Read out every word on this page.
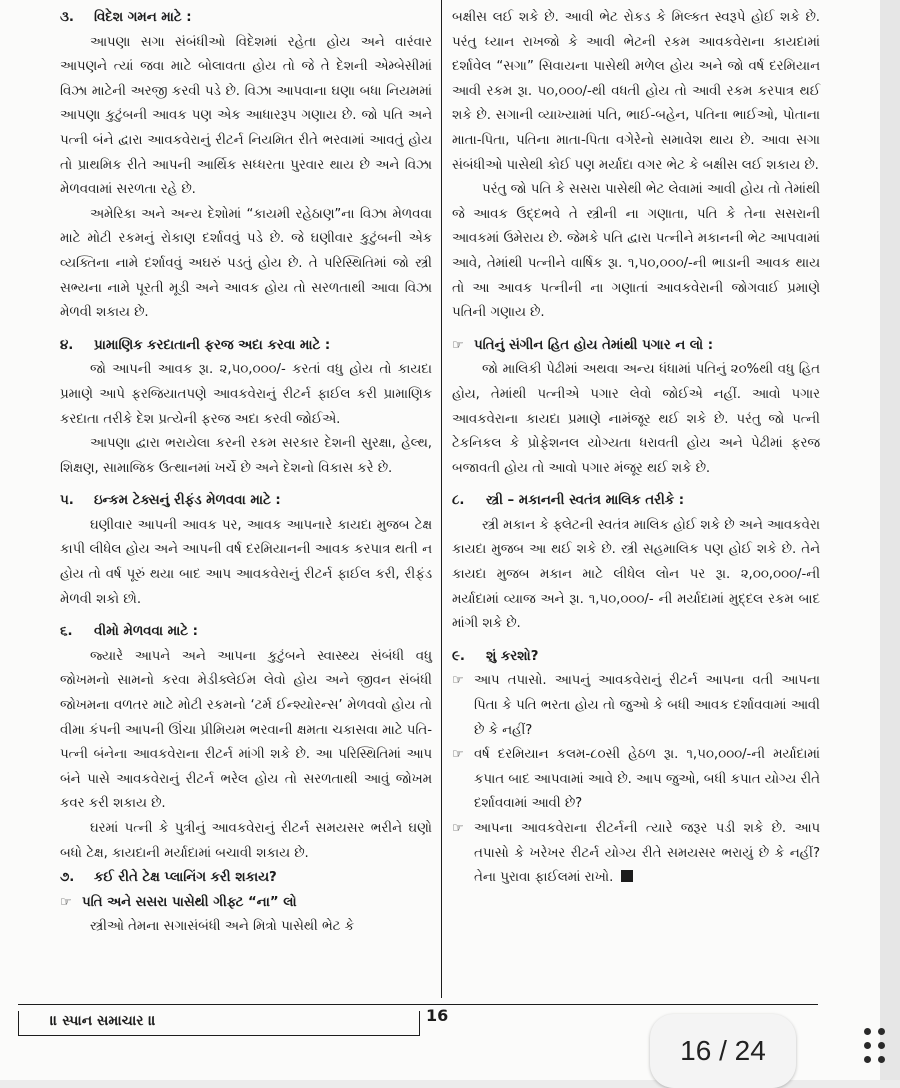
૩. વિદેશ ગમન માટે :

આપણા સગા સંબંધીઓ વિદેશમાં રહેતા હોય અને વારંવાર આપણને ત્યાં જવા માટે બોલાવતા હોય તો જે તે દેશની એમ્બેસીમાં વિઝા માટેની અરજી કરવી પડે છે. વિઝા આપવાના ઘણા બધા નિયમમાં આપણા કુટુંબની આવક પણ એક આધારરૂપ ગણાય છે. જો પતિ અને પત્ની બંને દ્વારા આવકવેરાનું રીટર્ન નિયમિત રીતે ભરવામાં આવતું હોય તો પ્રાથમિક રીતે આપની આર્થિક સધ્ધરતા પુરવાર થાય છે અને વિઝા મેળવવામાં સરળતા રહે છે.

અમેરિકા અને અન્ય દેશોમાં “કાયમી રહેઠાણ”ના વિઝા મેળવવા માટે મોટી રકમનું રોકાણ દર્શાવવું પડે છે. જે ઘણીવાર કુટુંબની એક વ્યક્તિના નામે દર્શાવવું અઘરું પડતું હોય છે. તે પરિસ્થિતિમાં જો સ્ત્રી સભ્યના નામે પૂરતી મૂડી અને આવક હોય તો સરળતાથી આવા વિઝા મેળવી શકાય છે.

૪. પ્રામાણિક કરદાતાની ફરજ અદા કરવા માટે :

જો આપની આવક રૂા. ૨,૫૦,૦૦૦/- કરતાં વધુ હોય તો કાયદા પ્રમાણે આપે ફરજિયાતપણે આવકવેરાનું રીટર્ન ફાઈલ કરી પ્રામાણિક કરદાતા તરીકે દેશ પ્રત્યેની ફરજ અદા કરવી જોઈએ.

આપણા દ્વારા ભરાયેલા કરની રકમ સરકાર દેશની સુરક્ષા, હેલ્થ, શિક્ષણ, સામાજિક ઉત્થાનમાં ખર્ચે છે અને દેશનો વિકાસ કરે છે.

૫. ઇન્કમ ટેક્સનું રીફંડ મેળવવા માટે :

ઘણીવાર આપની આવક પર, આવક આપનારે કાયદા મુજબ ટેક્ષ કાપી લીધેલ હોય અને આપની વર્ષ દરમિયાનની આવક કરપાત્ર થતી ન હોય તો વર્ષ પૂરું થયા બાદ આપ આવકવેરાનું રીટર્ન ફાઈલ કરી, રીફંડ મેળવી શકો છો.

૬. વીમો મેળવવા માટે :

જ્યારે આપને અને આપના કુટુંબને સ્વાસ્થ્ય સંબંધી વધુ જોખમનો સામનો કરવા મેડીક્લેઈમ લેવો હોય અને જીવન સંબંધી જોખમના વળતર માટે મોટી રકમનો ‘ટર્મ ઈન્શ્યોરન્સ’ મેળવવો હોય તો વીમા કંપની આપની ઊંચા પ્રીમિયમ ભરવાની ક્ષમતા ચકાસવા માટે પતિ-પત્ની બંનેના આવકવેરાના રીટર્ન માંગી શકે છે. આ પરિસ્થિતિમાં આપ બંને પાસે આવકવેરાનું રીટર્ન ભરેલ હોય તો સરળતાથી આવું જોખમ કવર કરી શકાય છે.

ઘરમાં પત્ની કે પુત્રીનું આવકવેરાનું રીટર્ન સમયસર ભરીને ઘણો બધો ટેક્ષ, કાયદાની મર્યાદામાં બચાવી શકાય છે.

૭. કઈ રીતે ટેક્ષ પ્લાનિંગ કરી શકાય?
☞ પતિ અને સસરા પાસેથી ગીફ્ટ “ના” લો

સ્ત્રીઓ તેમના સગાસંબંધી અને મિત્રો પાસેથી ભેટ કે

બક્ષીસ લઈ શકે છે. આવી ભેટ રોકડ કે મિલ્કત સ્વરૂપે હોઈ શકે છે. પરંતુ ધ્યાન રાખજો કે આવી ભેટની રકમ આવકવેરાના કાયદામાં દર્શાવેલ “સગા” સિવાયના પાસેથી મળેલ હોય અને જો વર્ષ દરમિયાન આવી રકમ રૂા. ૫૦,૦૦૦/-થી વધતી હોય તો આવી રકમ કરપાત્ર થઈ શકે છે. સગાની વ્યાખ્યામાં પતિ, ભાઈ-બહેન, પતિના ભાઈઓ, પોતાના માતા-પિતા, પતિના માતા-પિતા વગેરેનો સમાવેશ થાય છે. આવા સગા સંબંધીઓ પાસેથી કોઈ પણ મર્યાદા વગર ભેટ કે બક્ષીસ લઈ શકાય છે.

પરંતુ જો પતિ કે સસરા પાસેથી ભેટ લેવામાં આવી હોય તો તેમાંથી જે આવક ઉદ્દભવે તે સ્ત્રીની ના ગણાતા, પતિ કે તેના સસરાની આવકમાં ઉમેરાય છે. જેમકે પતિ દ્વારા પત્નીને મકાનની ભેટ આપવામાં આવે, તેમાંથી પત્નીને વાર્ષિક રૂા. ૧,૫૦,૦૦૦/-ની ભાડાની આવક થાય તો આ આવક પત્નીની ના ગણાતાં આવકવેરાની જોગવાઈ પ્રમાણે પતિની ગણાય છે.

☞ પતિનું સંગીન હિત હોય તેમાંથી પગાર ન લો :

જો માલિકી પેઢીમાં અથવા અન્ય ધંધામાં પતિનું ૨૦%થી વધુ હિત હોય, તેમાંથી પત્નીએ પગાર લેવો જોઈએ નહીં. આવો પગાર આવકવેરાના કાયદા પ્રમાણે નામંજૂર થઈ શકે છે. પરંતુ જો પત્ની ટેકનિકલ કે પ્રોફેશનલ યોગ્યતા ધરાવતી હોય અને પેઢીમાં ફરજ બજાવતી હોય તો આવો પગાર મંજૂર થઈ શકે છે.

૮. સ્ત્રી – મકાનની સ્વતંત્ર માલિક તરીકે :

સ્ત્રી મકાન કે ફ્લેટની સ્વતંત્ર માલિક હોઈ શકે છે અને આવકવેરા કાયદા મુજબ આ થઈ શકે છે. સ્ત્રી સહમાલિક પણ હોઈ શકે છે. તેને કાયદા મુજબ મકાન માટે લીધેલ લોન પર રૂા. ૨,૦૦,૦૦૦/-ની મર્યાદામાં વ્યાજ અને રૂા. ૧,૫૦,૦૦૦/- ની મર્યાદામાં મુદ્દલ રકમ બાદ માંગી શકે છે.

૯. શું કરશો?
☞ આપ તપાસો. આપનું આવકવેરાનું રીટર્ન આપના વતી આપના પિતા કે પતિ ભરતા હોય તો જુઓ કે બધી આવક દર્શાવવામાં આવી છે કે નહીં?
☞ વર્ષ દરમિયાન કલમ-૮૦સી હેઠળ રૂા. ૧,૫૦,૦૦૦/-ની મર્યાદામાં કપાત બાદ આપવામાં આવે છે. આપ જુઓ, બધી કપાત યોગ્ય રીતે દર્શાવવામાં આવી છે?
☞ આપના આવકવેરાના રીટર્નની ત્યારે જરૂર પડી શકે છે. આપ તપાસો કે ખરેખર રીટર્ન યોગ્ય રીતે સમયસર ભરાયું છે કે નહીં? તેના પુરાવા ફાઈલમાં રાખો.
॥ સ્પાન સમાચાર ॥	16
16 / 24
